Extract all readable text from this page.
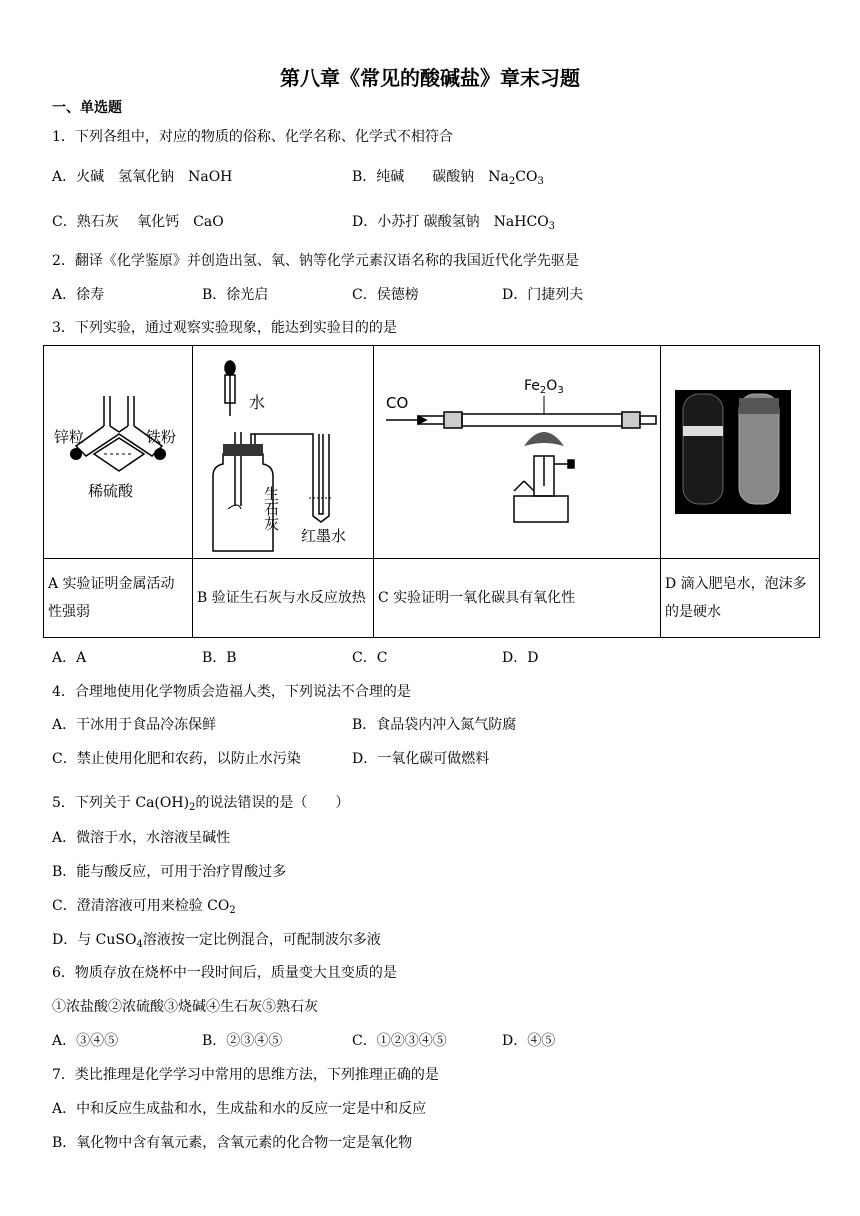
第八章《常见的酸碱盐》章末习题
一、单选题
1．下列各组中，对应的物质的俗称、化学名称、化学式不相符合
A．火碱　氢氧化钠　NaOH	B．纯碱　　碳酸钠　$Na_2CO_3$
C．熟石灰　 氧化钙　CaO	D．小苏打 碳酸氢钠　NaHCO$_3$
2．翻译《化学鉴原》并创造出氢、氧、钠等化学元素汉语名称的我国近代化学先驱是
A．徐寿	B．徐光启	C．侯德榜	D．门捷列夫
3．下列实验，通过观察实验现象，能达到实验目的的是
锌粒 铁粉
稀硫酸	水
生石灰
红墨水	CO
$Fe_2O_3$

A 实验证明金属活动性强弱	B 验证生石灰与水反应放热	C 实验证明一氧化碳具有氧化性	D 滴入肥皂水，泡沫多的是硬水
A．A	B．B	C．C	D．D
4．合理地使用化学物质会造福人类，下列说法不合理的是
A．干冰用于食品冷冻保鲜	B．食品袋内冲入氮气防腐
C．禁止使用化肥和农药，以防止水污染	D．一氧化碳可做燃料
5．下列关于 $Ca(OH)_2$的说法错误的是（　　）
A．微溶于水，水溶液呈碱性
B．能与酸反应，可用于治疗胃酸过多
C．澄清溶液可用来检验 $CO_2$
D．与 CuSO$_4$溶液按一定比例混合，可配制波尔多液
6．物质存放在烧杯中一段时间后，质量变大且变质的是
①浓盐酸②浓硫酸③烧碱④生石灰⑤熟石灰
A．③④⑤	B．②③④⑤	C．①②③④⑤	D．④⑤
7．类比推理是化学学习中常用的思维方法，下列推理正确的是
A．中和反应生成盐和水，生成盐和水的反应一定是中和反应
B．氧化物中含有氧元素，含氧元素的化合物一定是氧化物
